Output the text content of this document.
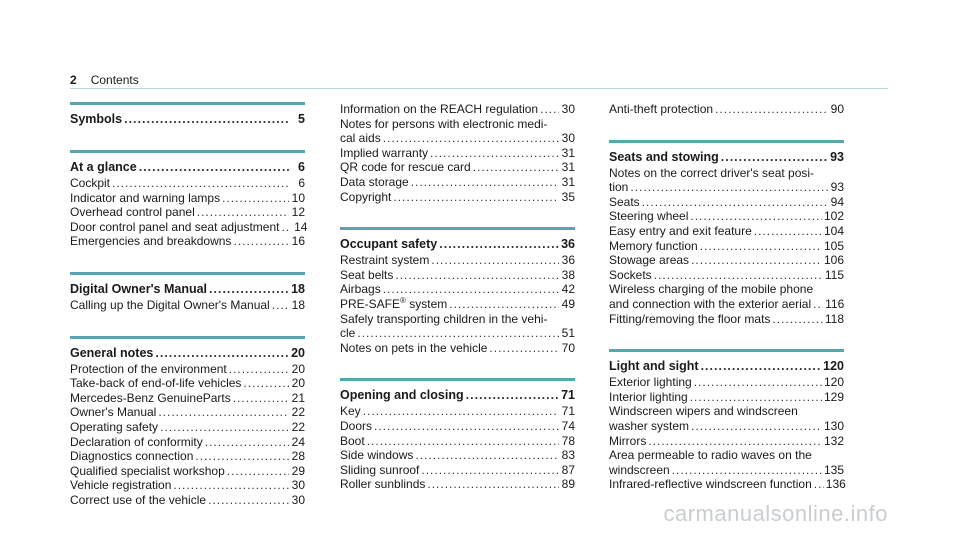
2 Contents
Symbols .....	5
At a glance .....	6
Cockpit .....	6
Indicator and warning lamps .....	10
Overhead control panel .....	12
Door control panel and seat adjustment ..... 14
Emergencies and breakdowns .....	16
Digital Owner's Manual .....	18
Calling up the Digital Owner's Manual ..... 18
General notes .....	20
Protection of the environment .....	20
Take-back of end-of-life vehicles .....	20
Mercedes-Benz GenuineParts .....	21
Owner's Manual .....	22
Operating safety .....	22
Declaration of conformity .....	24
Diagnostics connection .....	28
Qualified specialist workshop .....	29
Vehicle registration .....	30
Correct use of the vehicle .....	30
Information on the REACH regulation ..... 30
Notes for persons with electronic medi-
cal aids .....	30
Implied warranty .....	31
QR code for rescue card .....	31
Data storage .....	31
Copyright .....	35
Occupant safety .....	36
Restraint system .....	36
Seat belts .....	38
Airbags .....	42
PRE-SAFE® system .....	49
Safely transporting children in the vehi-
cle .....	51
Notes on pets in the vehicle .....	70
Opening and closing .....	71
Key .....	71
Doors .....	74
Boot .....	78
Side windows .....	83
Sliding sunroof .....	87
Roller sunblinds .....	89
Anti-theft protection .....	90
Seats and stowing .....	93
Notes on the correct driver's seat posi-
tion .....	93
Seats .....	94
Steering wheel .....	102
Easy entry and exit feature .....	104
Memory function .....	105
Stowage areas .....	106
Sockets .....	115
Wireless charging of the mobile phone
and connection with the exterior aerial ..... 116
Fitting/removing the floor mats .....	118
Light and sight .....	120
Exterior lighting .....	120
Interior lighting .....	129
Windscreen wipers and windscreen
washer system .....	130
Mirrors .....	132
Area permeable to radio waves on the
windscreen .....	135
Infrared-reflective windscreen function ..... 136
carmanualsonline.info
